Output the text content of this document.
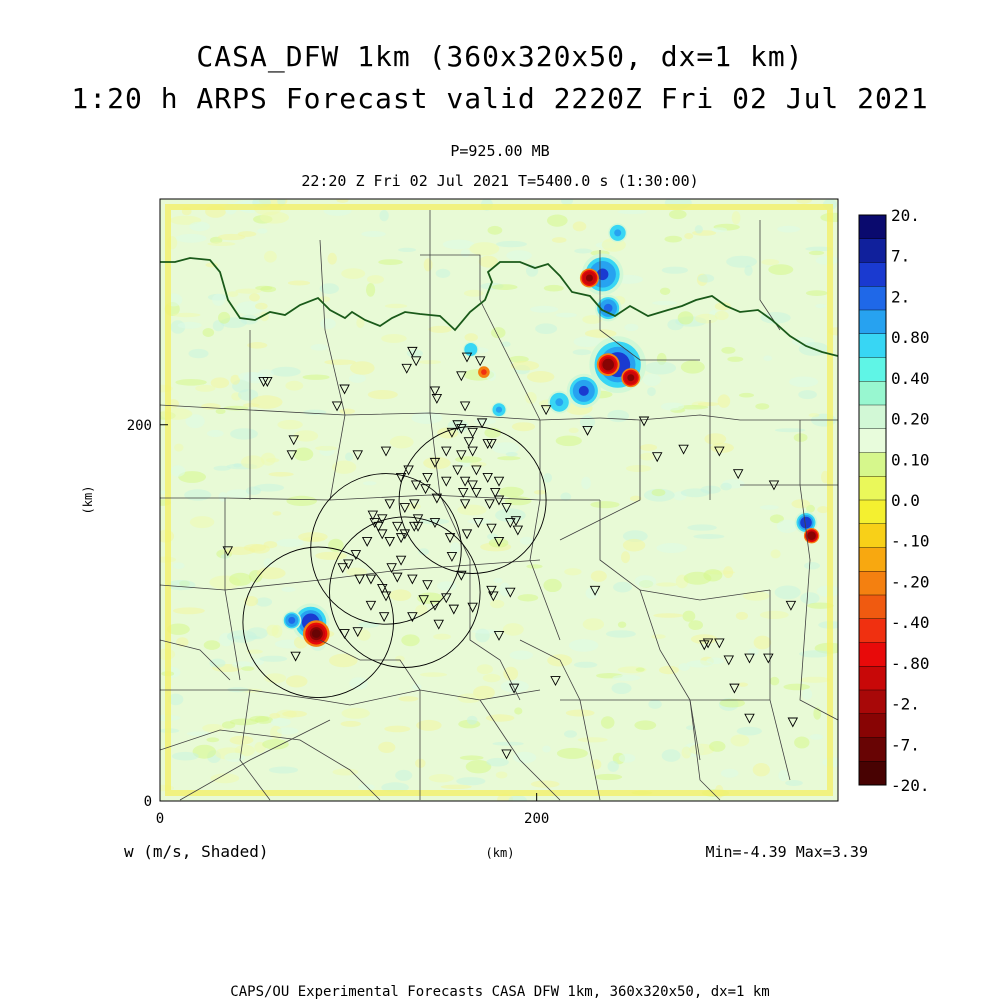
CASA_DFW 1km (360x320x50, dx=1 km)
1:20 h ARPS Forecast valid 2220Z Fri 02 Jul 2021
P=925.00 MB
22:20 Z Fri 02 Jul 2021 T=5400.0 s (1:30:00)
0	200
0
200
20.
7.
2.
0.80
0.40
0.20
0.10
0.0
-.10
-.20
-.40
-.80
-2.
-7.
-20.
(km)
(km)
w (m/s, Shaded)	Min=-4.39 Max=3.39
CAPS/OU Experimental Forecasts CASA DFW 1km, 360x320x50, dx=1 km
